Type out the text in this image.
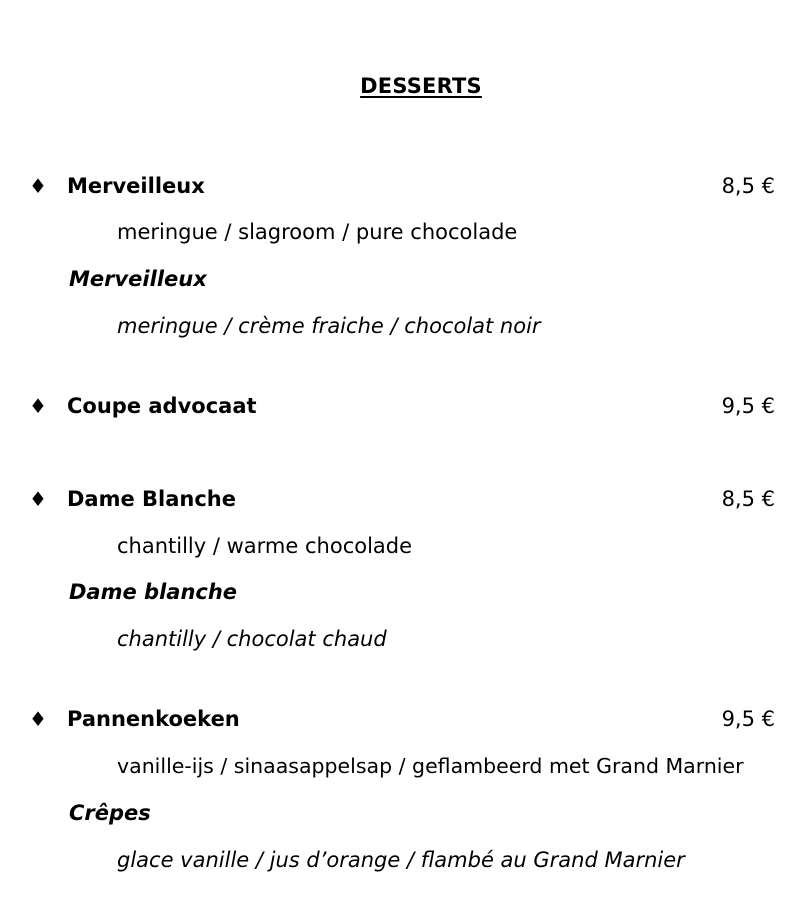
DESSERTS
♦ Merveilleux	8,5 €
meringue / slagroom / pure chocolade
Merveilleux
meringue / crème fraiche / chocolat noir
♦ Coupe advocaat	9,5 €
♦ Dame Blanche	8,5 €
chantilly / warme chocolade
Dame blanche
chantilly / chocolat chaud
♦ Pannenkoeken	9,5 €
vanille-ijs / sinaasappelsap / geflambeerd met Grand Marnier
Crêpes
glace vanille / jus d’orange / flambé au Grand Marnier
